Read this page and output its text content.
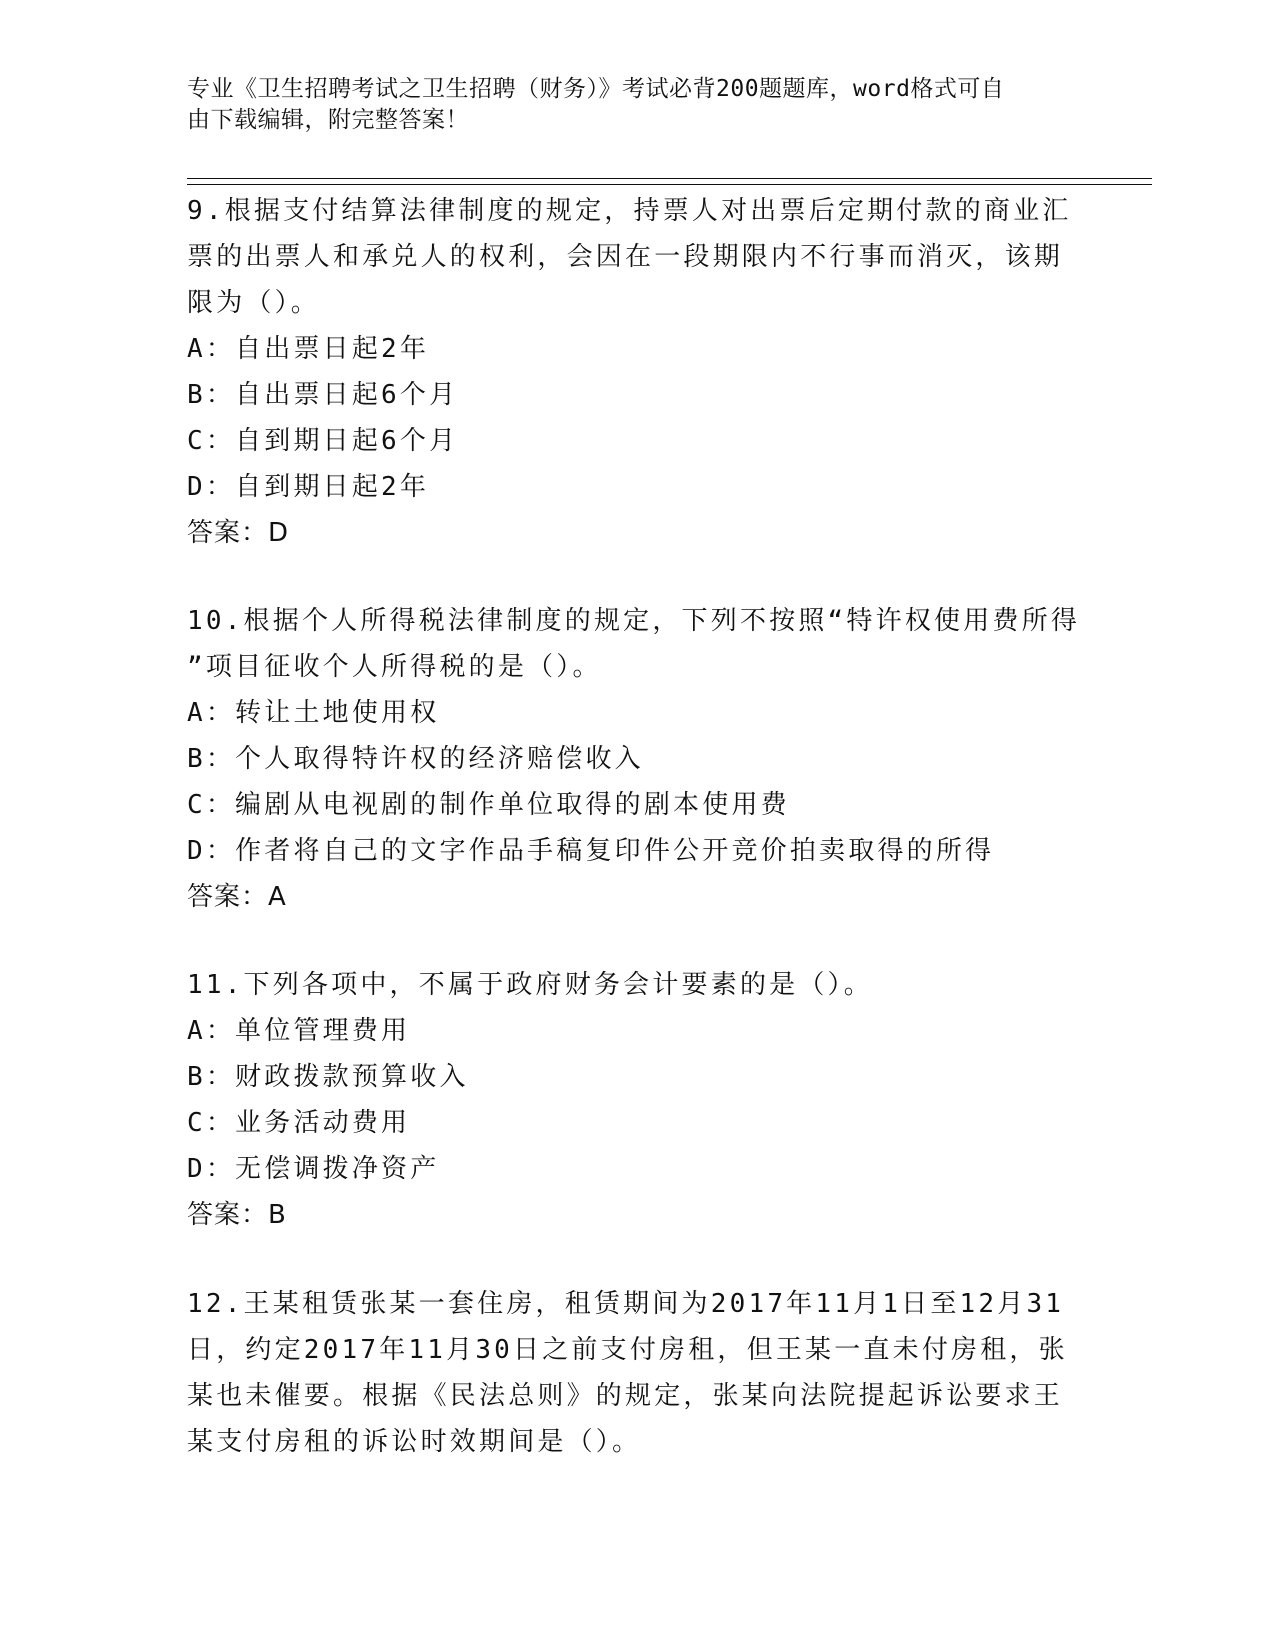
专业《卫生招聘考试之卫生招聘（财务）》考试必背200题题库，word格式可自
由下载编辑，附完整答案！
9.根据支付结算法律制度的规定，持票人对出票后定期付款的商业汇
票的出票人和承兑人的权利，会因在一段期限内不行事而消灭，该期
限为（）。
A：自出票日起2年
B：自出票日起6个月
C：自到期日起6个月
D：自到期日起2年
答案：D
10.根据个人所得税法律制度的规定，下列不按照“特许权使用费所得
”项目征收个人所得税的是（）。
A：转让土地使用权
B：个人取得特许权的经济赔偿收入
C：编剧从电视剧的制作单位取得的剧本使用费
D：作者将自己的文字作品手稿复印件公开竞价拍卖取得的所得
答案：A
11.下列各项中，不属于政府财务会计要素的是（）。
A：单位管理费用
B：财政拨款预算收入
C：业务活动费用
D：无偿调拨净资产
答案：B
12.王某租赁张某一套住房，租赁期间为2017年11月1日至12月31
日，约定2017年11月30日之前支付房租，但王某一直未付房租，张
某也未催要。根据《民法总则》的规定，张某向法院提起诉讼要求王
某支付房租的诉讼时效期间是（）。
